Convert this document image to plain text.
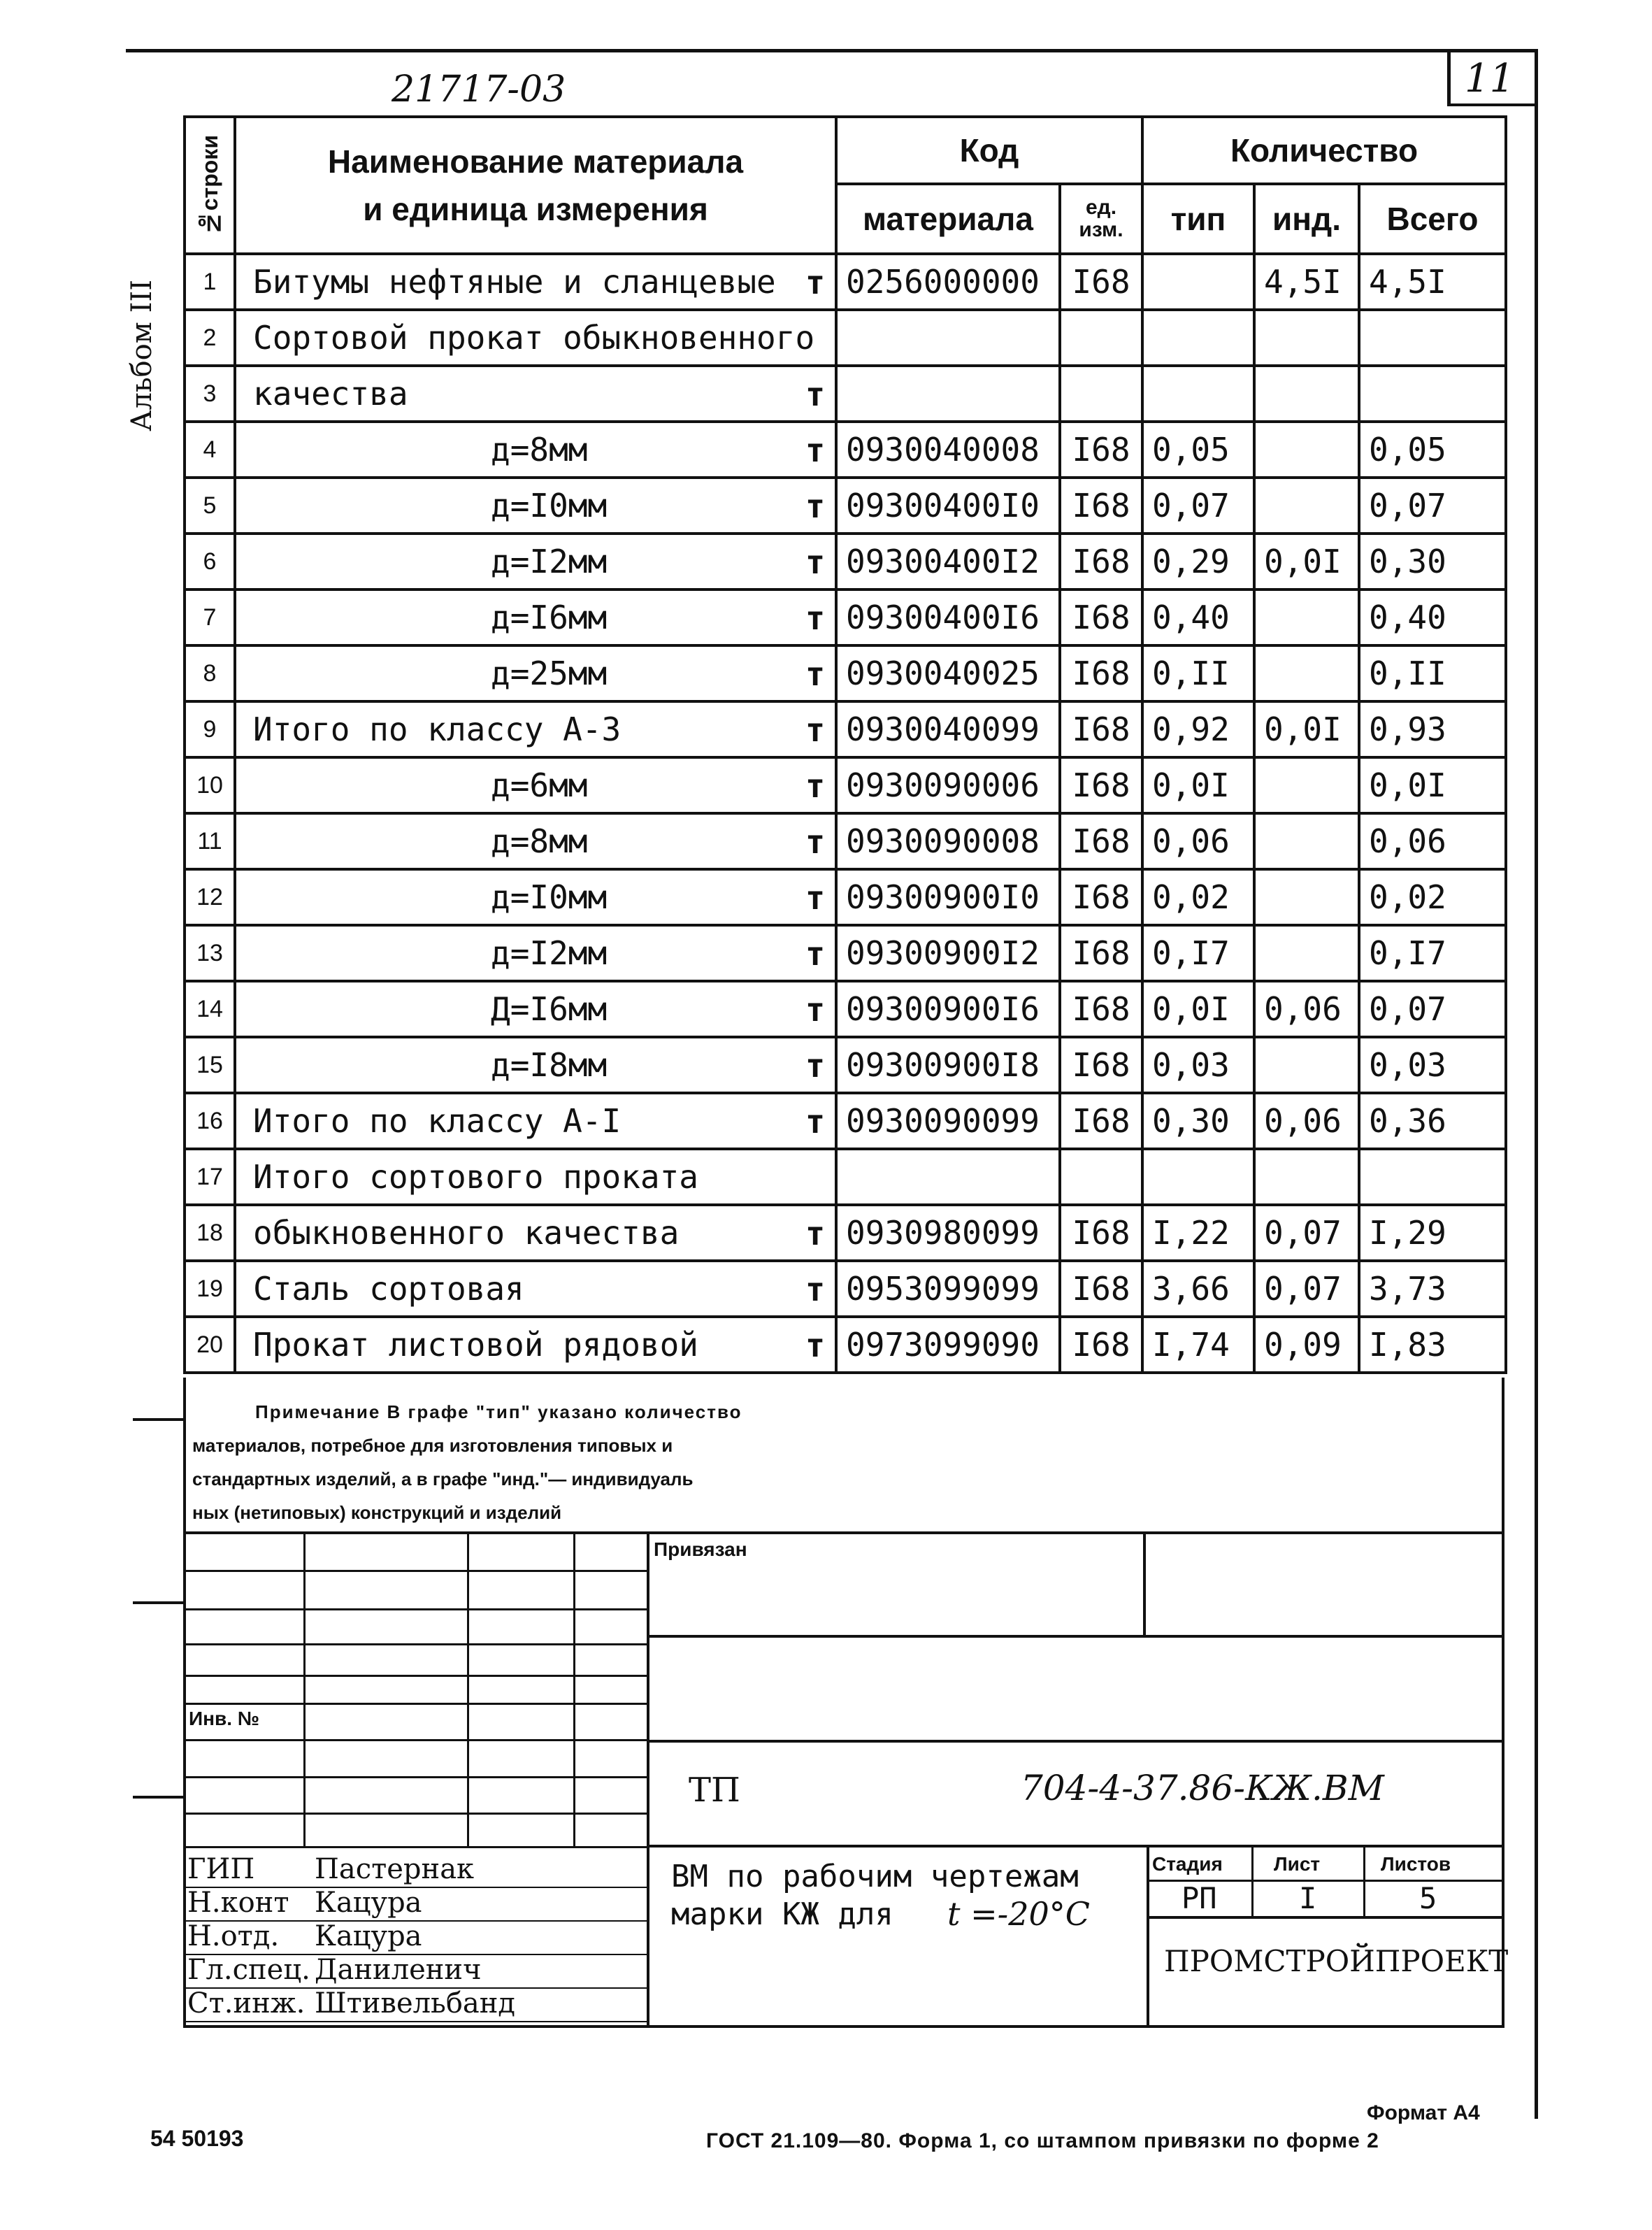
21717-03	11
Альбом III
№строки	Наименование материала
и единица измерения	Код		Количество		
		материала	ед. изм.	тип	инд.	Всего
1	Битумы нефтяные и сланцевые т	0256000000	I68		4,5I	4,5I
2	Сортовой прокат обыкновенного

3	качества т					

4	д=8мм т	0930040008	I68	0,05		0,05
5	д=I0мм т	09300400I0	I68	0,07		0,07
6	д=I2мм т	09300400I2	I68	0,29	0,0I	0,30
7	д=I6мм т	09300400I6	I68	0,40		0,40
8	д=25мм т	0930040025	I68	0,II		0,II
9	Итого по классу А-3 т	0930040099	I68	0,92	0,0I	0,93
10	д=6мм т	0930090006	I68	0,0I		0,0I
11	д=8мм т	0930090008	I68	0,06		0,06
12	д=I0мм т	09300900I0	I68	0,02		0,02
13	д=I2мм т	09300900I2	I68	0,I7		0,I7
14	Д=I6мм т	09300900I6	I68	0,0I	0,06	0,07
15	д=I8мм т	09300900I8	I68	0,03		0,03
16	Итого по классу А-I т	0930090099	I68	0,30	0,06	0,36
17	Итого сортового проката

18	обыкновенного качества т	0930980099	I68	I,22	0,07	I,29
19	Сталь сортовая т	0953099099	I68	3,66	0,07	3,73
20	Прокат листовой рядовой т	0973099090	I68	I,74	0,09	I,83
Примечание В графе "тип" указано количество
материалов, потребное для изготовления типовых и
стандартных изделий, а в графе "инд."— индивидуаль
ных (нетиповых) конструкций и изделий
Инв. №
ГИП Пастернак
Н.конт Кацура
Н.отд. Кацура
Гл.спец. Даниленич
Ст.инж. Штивельбанд
Привязан
ТП	704-4-37.86-КЖ.ВМ
ВМ по рабочим чертежам
марки КЖ для t =-20°С
Стадия	Лист	Листов
РП	I	5
ПРОМСТРОЙПРОЕКТ
54 50193
Формат А4
ГОСТ 21.109—80. Форма 1, со штампом привязки по форме 2
